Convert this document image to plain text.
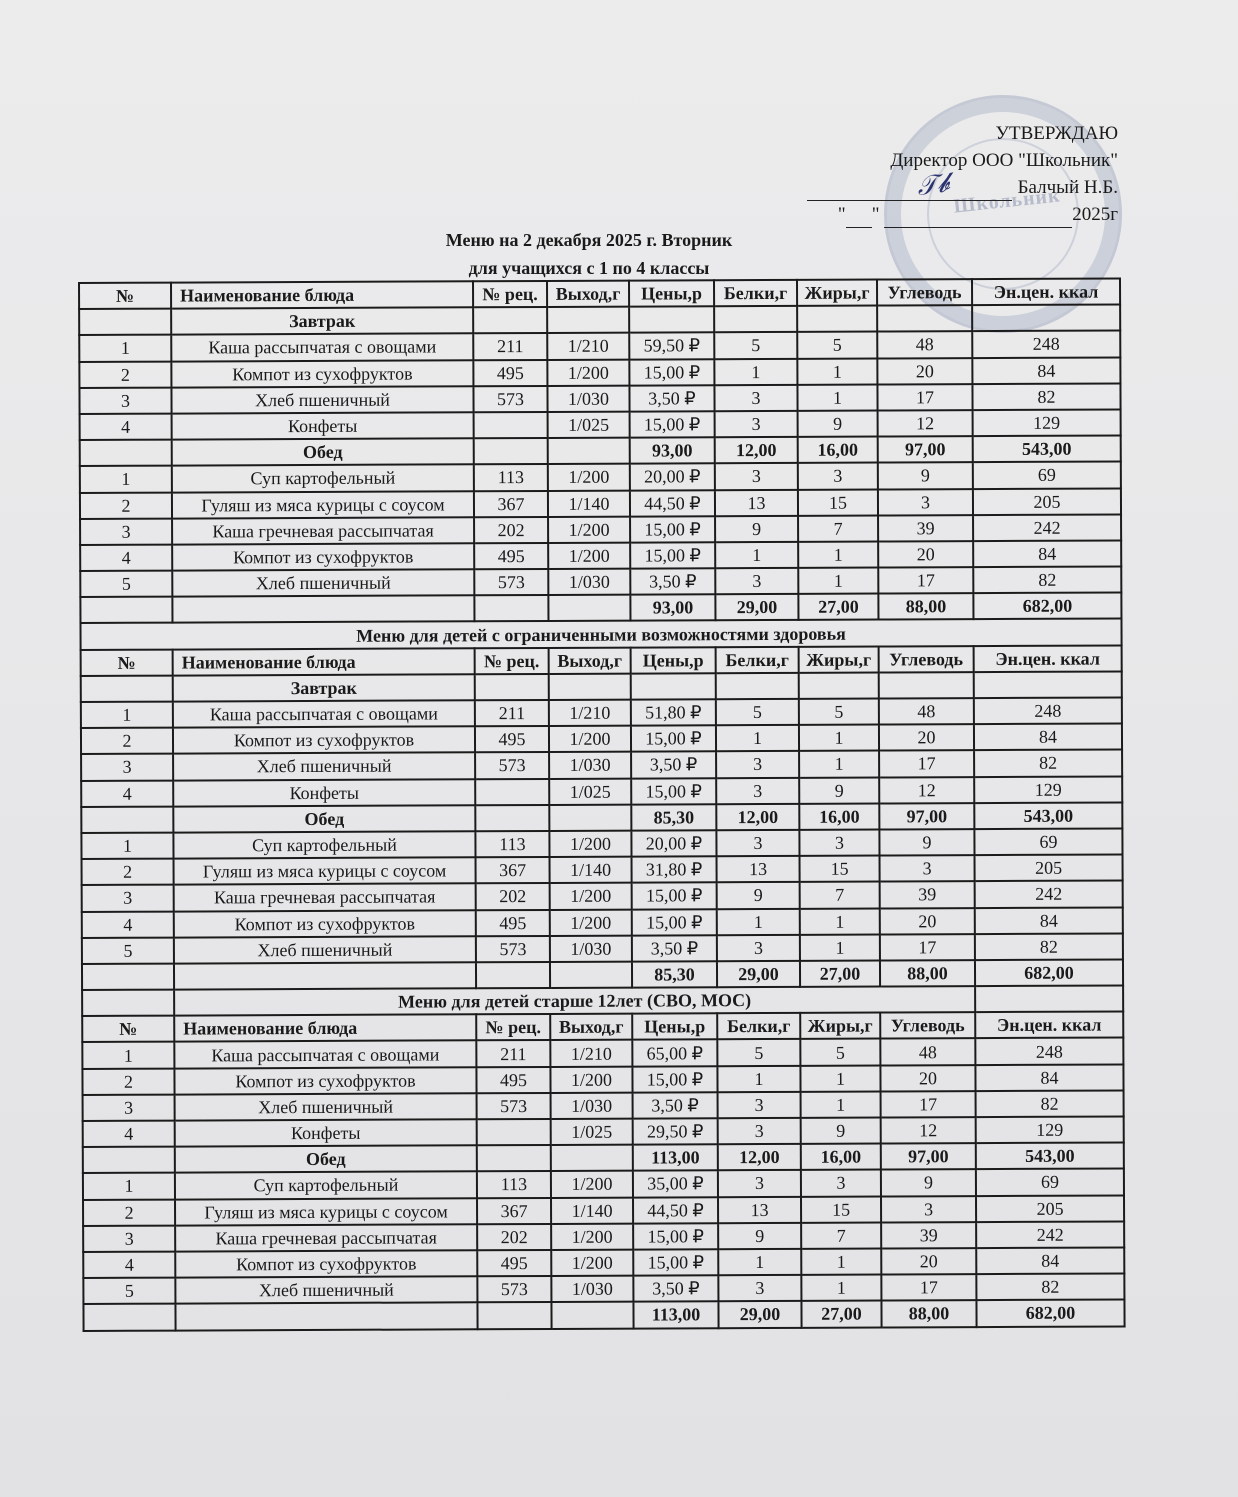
Школьник
УТВЕРЖДАЮ
Директор ООО "Школьник"
𝒯𝓫	Балчый Н.Б.
" "	2025г
Меню на 2 декабря 2025 г. Вторник
для учащихся с 1 по 4 классы
№	Наименование блюда	№ рец.	Выход,г	Цены,р	Белки,г	Жиры,г	Углеводь	Эн.цен. ккал
	Завтрак							
1	Каша рассыпчатая с овощами	211	1/210	59,50 ₽	5	5	48	248
2	Компот из сухофруктов	495	1/200	15,00 ₽	1	1	20	84
3	Хлеб пшеничный	573	1/030	3,50 ₽	3	1	17	82
4	Конфеты		1/025	15,00 ₽	3	9	12	129
	Обед			93,00	12,00	16,00	97,00	543,00
1	Суп картофельный	113	1/200	20,00 ₽	3	3	9	69
2	Гуляш из мяса курицы с соусом	367	1/140	44,50 ₽	13	15	3	205
3	Каша гречневая рассыпчатая	202	1/200	15,00 ₽	9	7	39	242
4	Компот из сухофруктов	495	1/200	15,00 ₽	1	1	20	84
5	Хлеб пшеничный	573	1/030	3,50 ₽	3	1	17	82
				93,00	29,00	27,00	88,00	682,00
Меню для детей с ограниченными возможностями здоровья								
№	Наименование блюда	№ рец.	Выход,г	Цены,р	Белки,г	Жиры,г	Углеводь	Эн.цен. ккал
	Завтрак							
1	Каша рассыпчатая с овощами	211	1/210	51,80 ₽	5	5	48	248
2	Компот из сухофруктов	495	1/200	15,00 ₽	1	1	20	84
3	Хлеб пшеничный	573	1/030	3,50 ₽	3	1	17	82
4	Конфеты		1/025	15,00 ₽	3	9	12	129
	Обед			85,30	12,00	16,00	97,00	543,00
1	Суп картофельный	113	1/200	20,00 ₽	3	3	9	69
2	Гуляш из мяса курицы с соусом	367	1/140	31,80 ₽	13	15	3	205
3	Каша гречневая рассыпчатая	202	1/200	15,00 ₽	9	7	39	242
4	Компот из сухофруктов	495	1/200	15,00 ₽	1	1	20	84
5	Хлеб пшеничный	573	1/030	3,50 ₽	3	1	17	82
				85,30	29,00	27,00	88,00	682,00
	Меню для детей старше 12лет (СВО, МОС)							
№	Наименование блюда	№ рец.	Выход,г	Цены,р	Белки,г	Жиры,г	Углеводь	Эн.цен. ккал
1	Каша рассыпчатая с овощами	211	1/210	65,00 ₽	5	5	48	248
2	Компот из сухофруктов	495	1/200	15,00 ₽	1	1	20	84
3	Хлеб пшеничный	573	1/030	3,50 ₽	3	1	17	82
4	Конфеты		1/025	29,50 ₽	3	9	12	129
	Обед			113,00	12,00	16,00	97,00	543,00
1	Суп картофельный	113	1/200	35,00 ₽	3	3	9	69
2	Гуляш из мяса курицы с соусом	367	1/140	44,50 ₽	13	15	3	205
3	Каша гречневая рассыпчатая	202	1/200	15,00 ₽	9	7	39	242
4	Компот из сухофруктов	495	1/200	15,00 ₽	1	1	20	84
5	Хлеб пшеничный	573	1/030	3,50 ₽	3	1	17	82
				113,00	29,00	27,00	88,00	682,00
